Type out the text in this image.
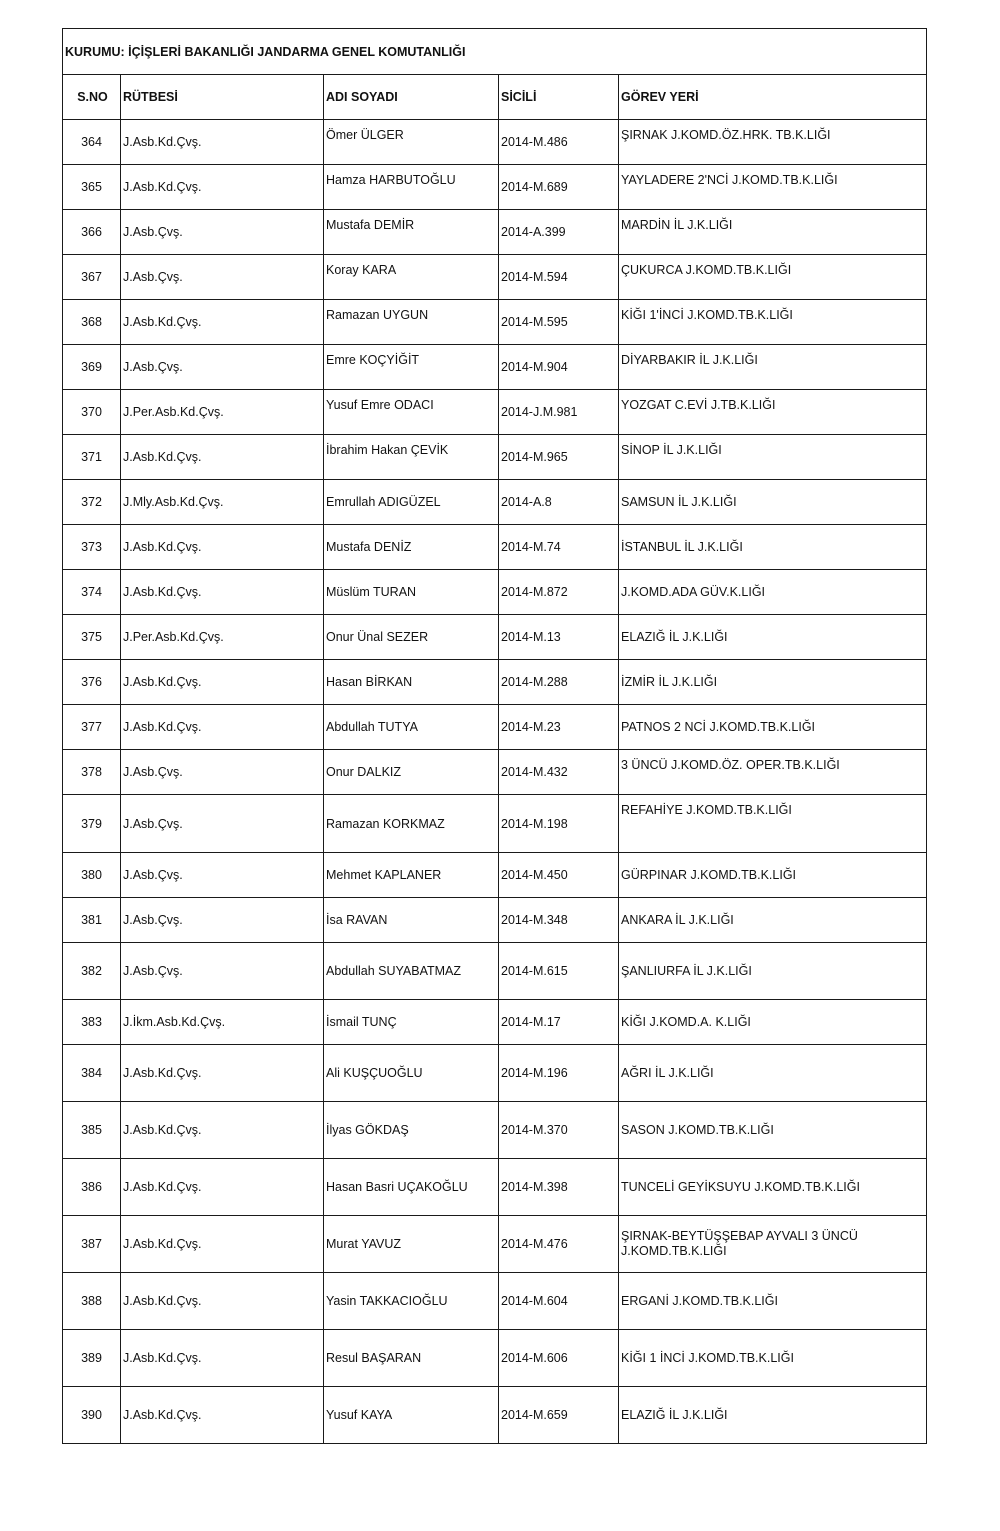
KURUMU: İÇİŞLERİ BAKANLIĞI JANDARMA GENEL KOMUTANLIĞI				
S.NO	RÜTBESİ	ADI SOYADI	SİCİLİ	GÖREV YERİ
364	J.Asb.Kd.Çvş.	Ömer ÜLGER	2014-M.486	ŞIRNAK J.KOMD.ÖZ.HRK. TB.K.LIĞI
365	J.Asb.Kd.Çvş.	Hamza HARBUTOĞLU	2014-M.689	YAYLADERE 2'NCİ J.KOMD.TB.K.LIĞI
366	J.Asb.Çvş.	Mustafa DEMİR	2014-A.399	MARDİN İL J.K.LIĞI
367	J.Asb.Çvş.	Koray KARA	2014-M.594	ÇUKURCA J.KOMD.TB.K.LIĞI
368	J.Asb.Kd.Çvş.	Ramazan UYGUN	2014-M.595	KİĞI 1'İNCİ J.KOMD.TB.K.LIĞI
369	J.Asb.Çvş.	Emre KOÇYİĞİT	2014-M.904	DİYARBAKIR İL J.K.LIĞI
370	J.Per.Asb.Kd.Çvş.	Yusuf Emre ODACI	2014-J.M.981	YOZGAT C.EVİ J.TB.K.LIĞI
371	J.Asb.Kd.Çvş.	İbrahim Hakan ÇEVİK	2014-M.965	SİNOP İL J.K.LIĞI
372	J.Mly.Asb.Kd.Çvş.	Emrullah ADIGÜZEL	2014-A.8	SAMSUN İL J.K.LIĞI
373	J.Asb.Kd.Çvş.	Mustafa DENİZ	2014-M.74	İSTANBUL İL J.K.LIĞI
374	J.Asb.Kd.Çvş.	Müslüm TURAN	2014-M.872	J.KOMD.ADA GÜV.K.LIĞI
375	J.Per.Asb.Kd.Çvş.	Onur Ünal SEZER	2014-M.13	ELAZIĞ İL J.K.LIĞI
376	J.Asb.Kd.Çvş.	Hasan BİRKAN	2014-M.288	İZMİR İL J.K.LIĞI
377	J.Asb.Kd.Çvş.	Abdullah TUTYA	2014-M.23	PATNOS 2 NCİ J.KOMD.TB.K.LIĞI
378	J.Asb.Çvş.	Onur DALKIZ	2014-M.432	3 ÜNCÜ J.KOMD.ÖZ. OPER.TB.K.LIĞI
379	J.Asb.Çvş.	Ramazan KORKMAZ	2014-M.198	REFAHİYE J.KOMD.TB.K.LIĞI
380	J.Asb.Çvş.	Mehmet KAPLANER	2014-M.450	GÜRPINAR J.KOMD.TB.K.LIĞI
381	J.Asb.Çvş.	İsa RAVAN	2014-M.348	ANKARA İL J.K.LIĞI
382	J.Asb.Çvş.	Abdullah SUYABATMAZ	2014-M.615	ŞANLIURFA İL J.K.LIĞI
383	J.İkm.Asb.Kd.Çvş.	İsmail TUNÇ	2014-M.17	KİĞI J.KOMD.A. K.LIĞI
384	J.Asb.Kd.Çvş.	Ali KUŞÇUOĞLU	2014-M.196	AĞRI İL J.K.LIĞI
385	J.Asb.Kd.Çvş.	İlyas GÖKDAŞ	2014-M.370	SASON J.KOMD.TB.K.LIĞI
386	J.Asb.Kd.Çvş.	Hasan Basri UÇAKOĞLU	2014-M.398	TUNCELİ GEYİKSUYU J.KOMD.TB.K.LIĞI
387	J.Asb.Kd.Çvş.	Murat YAVUZ	2014-M.476	ŞIRNAK-BEYTÜŞŞEBAP AYVALI 3 ÜNCÜ J.KOMD.TB.K.LIĞI
388	J.Asb.Kd.Çvş.	Yasin TAKKACIOĞLU	2014-M.604	ERGANİ J.KOMD.TB.K.LIĞI
389	J.Asb.Kd.Çvş.	Resul BAŞARAN	2014-M.606	KİĞI 1 İNCİ J.KOMD.TB.K.LIĞI
390	J.Asb.Kd.Çvş.	Yusuf KAYA	2014-M.659	ELAZIĞ İL J.K.LIĞI
